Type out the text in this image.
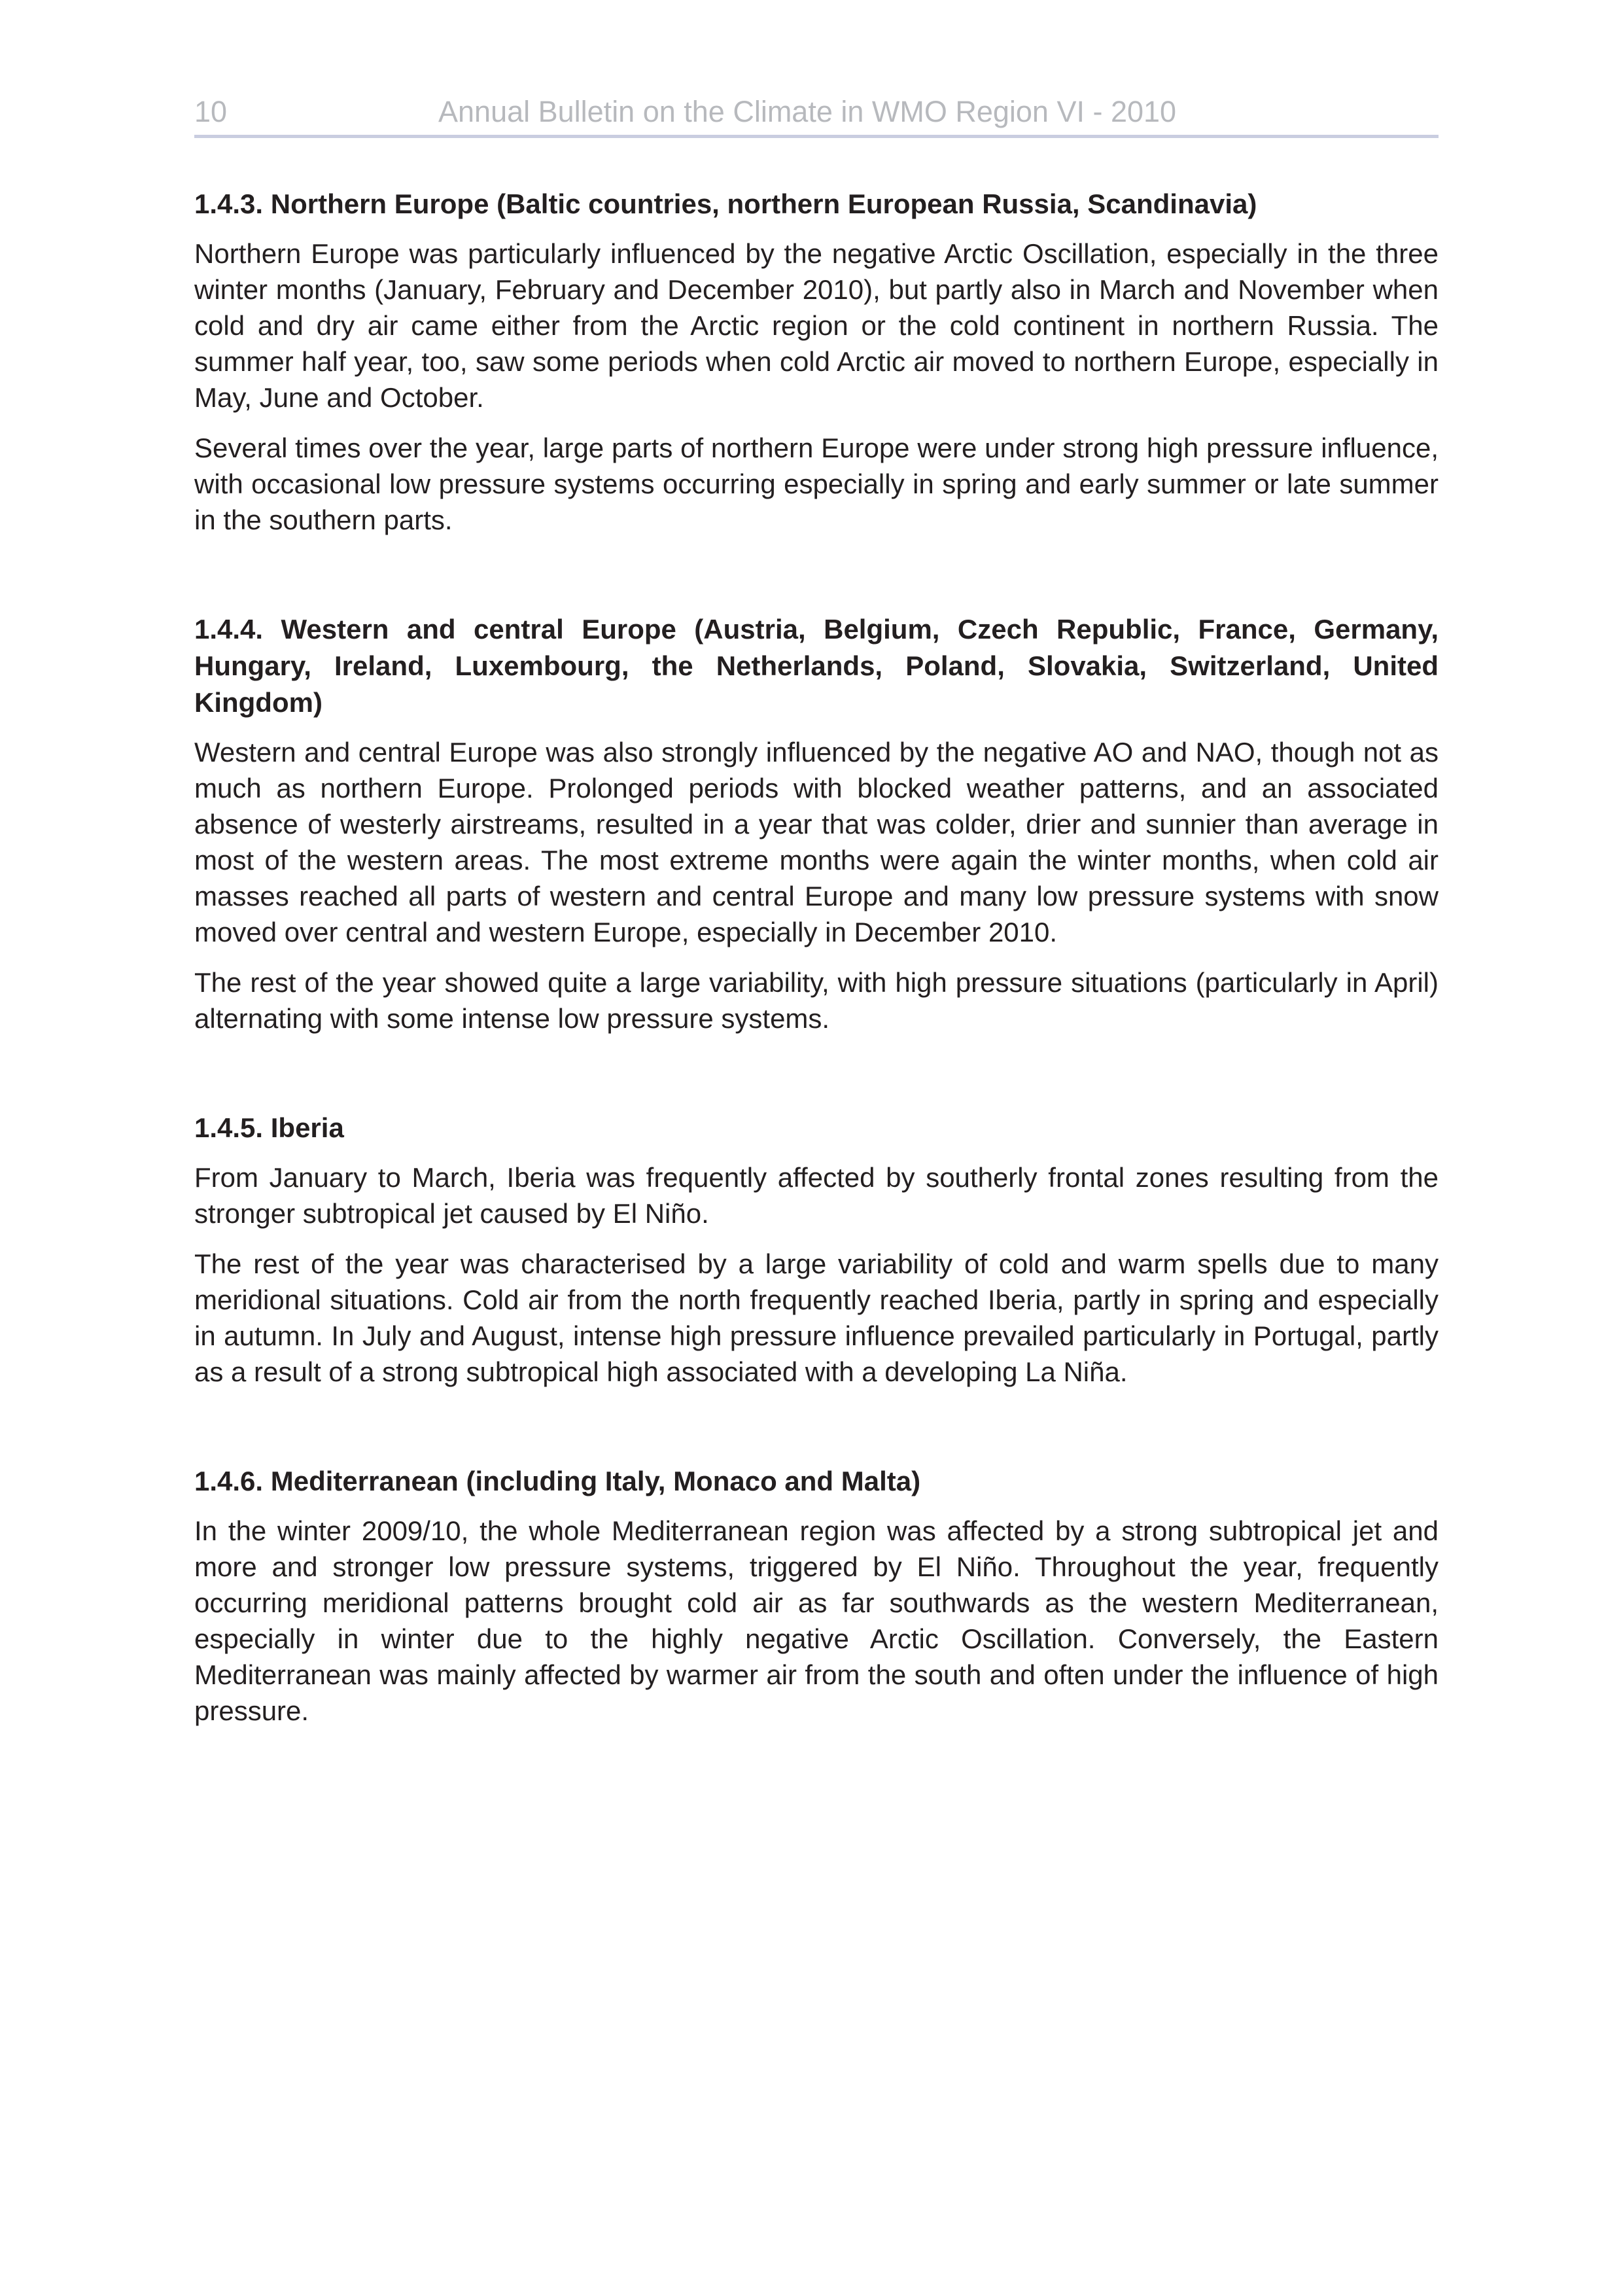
10	Annual Bulletin on the Climate in WMO Region VI - 2010
1.4.3. Northern Europe (Baltic countries, northern European Russia, Scandinavia)

Northern Europe was particularly influenced by the negative Arctic Oscillation, especially in the three winter months (January, February and December 2010), but partly also in March and November when cold and dry air came either from the Arctic region or the cold continent in northern Russia. The summer half year, too, saw some periods when cold Arctic air moved to northern Europe, especially in May, June and October.

Several times over the year, large parts of northern Europe were under strong high pressure influence, with occasional low pressure systems occurring especially in spring and early summer or late summer in the southern parts.

1.4.4. Western and central Europe (Austria, Belgium, Czech Republic, France, Germany, Hungary, Ireland, Luxembourg, the Netherlands, Poland, Slovakia, Switzerland, United Kingdom)

Western and central Europe was also strongly influenced by the negative AO and NAO, though not as much as northern Europe. Prolonged periods with blocked weather patterns, and an associated absence of westerly airstreams, resulted in a year that was colder, drier and sunnier than average in most of the western areas. The most extreme months were again the winter months, when cold air masses reached all parts of western and central Europe and many low pressure systems with snow moved over central and western Europe, especially in December 2010.

The rest of the year showed quite a large variability, with high pressure situations (particularly in April) alternating with some intense low pressure systems.

1.4.5. Iberia

From January to March, Iberia was frequently affected by southerly frontal zones resulting from the stronger subtropical jet caused by El Niño.

The rest of the year was characterised by a large variability of cold and warm spells due to many meridional situations. Cold air from the north frequently reached Iberia, partly in spring and especially in autumn. In July and August, intense high pressure influence prevailed particularly in Portugal, partly as a result of a strong subtropical high associated with a developing La Niña.

1.4.6. Mediterranean (including Italy, Monaco and Malta)

In the winter 2009/10, the whole Mediterranean region was affected by a strong subtropical jet and more and stronger low pressure systems, triggered by El Niño. Throughout the year, frequently occurring meridional patterns brought cold air as far southwards as the western Mediterranean, especially in winter due to the highly negative Arctic Oscillation. Conversely, the Eastern Mediterranean was mainly affected by warmer air from the south and often under the influence of high pressure.
